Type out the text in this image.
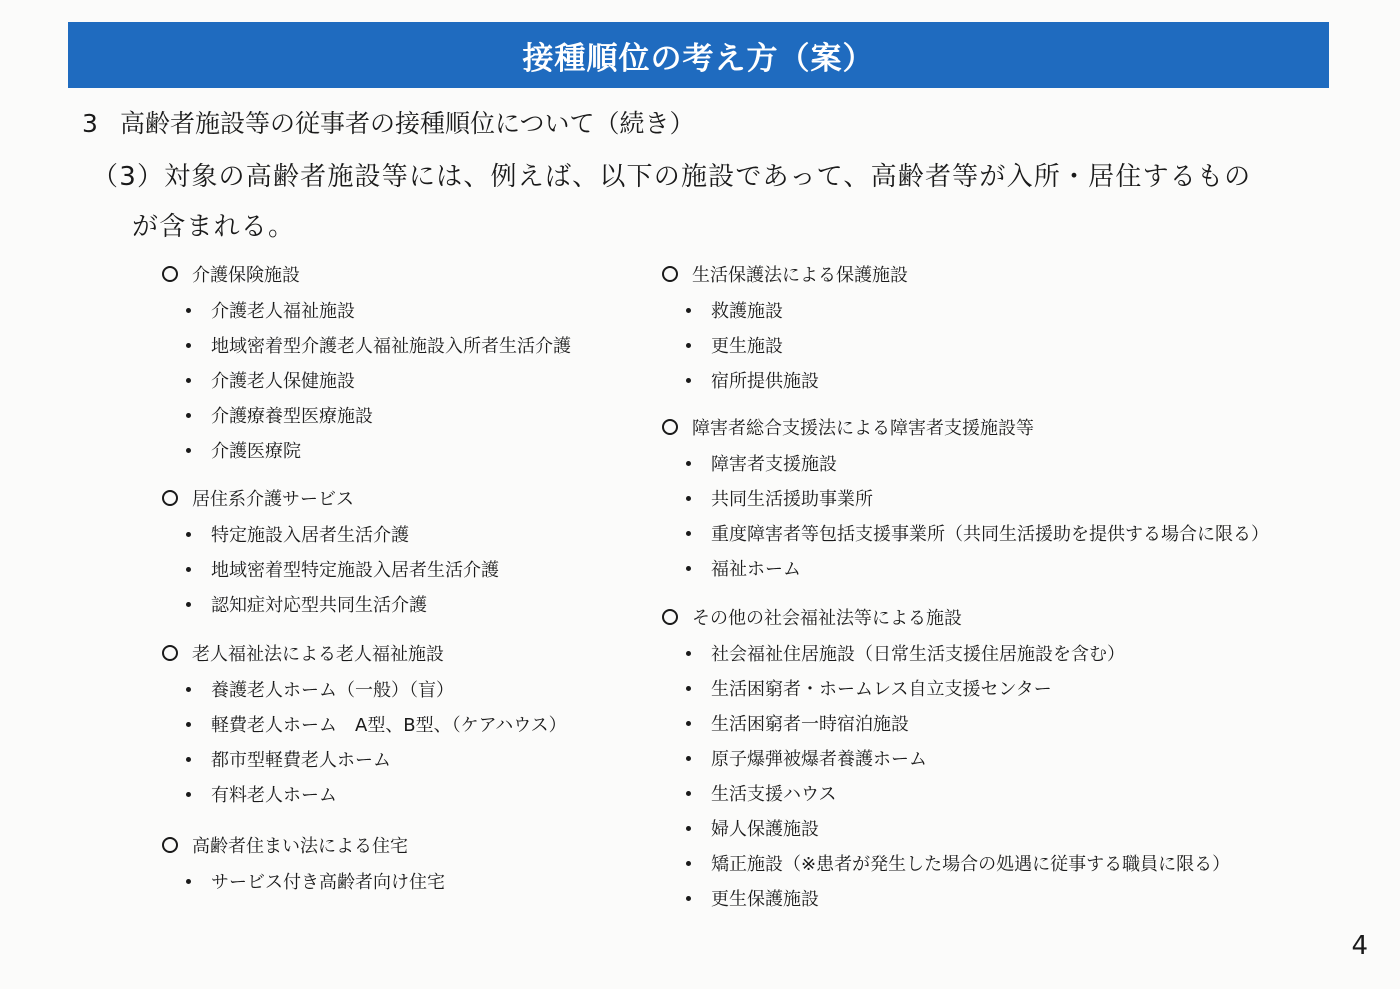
接種順位の考え方（案）
3 高齢者施設等の従事者の接種順位について（続き）
（3）対象の高齢者施設等には、例えば、以下の施設であって、高齢者等が入所・居住するもの
が含まれる。
介護保険施設
介護老人福祉施設
地域密着型介護老人福祉施設入所者生活介護
介護老人保健施設
介護療養型医療施設
介護医療院
居住系介護サービス
特定施設入居者生活介護
地域密着型特定施設入居者生活介護
認知症対応型共同生活介護
老人福祉法による老人福祉施設
養護老人ホーム（一般）（盲）
軽費老人ホーム　A型、B型、（ケアハウス）
都市型軽費老人ホーム
有料老人ホーム
高齢者住まい法による住宅
サービス付き高齢者向け住宅
生活保護法による保護施設
救護施設
更生施設
宿所提供施設
障害者総合支援法による障害者支援施設等
障害者支援施設
共同生活援助事業所
重度障害者等包括支援事業所（共同生活援助を提供する場合に限る）
福祉ホーム
その他の社会福祉法等による施設
社会福祉住居施設（日常生活支援住居施設を含む）
生活困窮者・ホームレス自立支援センター
生活困窮者一時宿泊施設
原子爆弾被爆者養護ホーム
生活支援ハウス
婦人保護施設
矯正施設（※患者が発生した場合の処遇に従事する職員に限る）
更生保護施設
4
